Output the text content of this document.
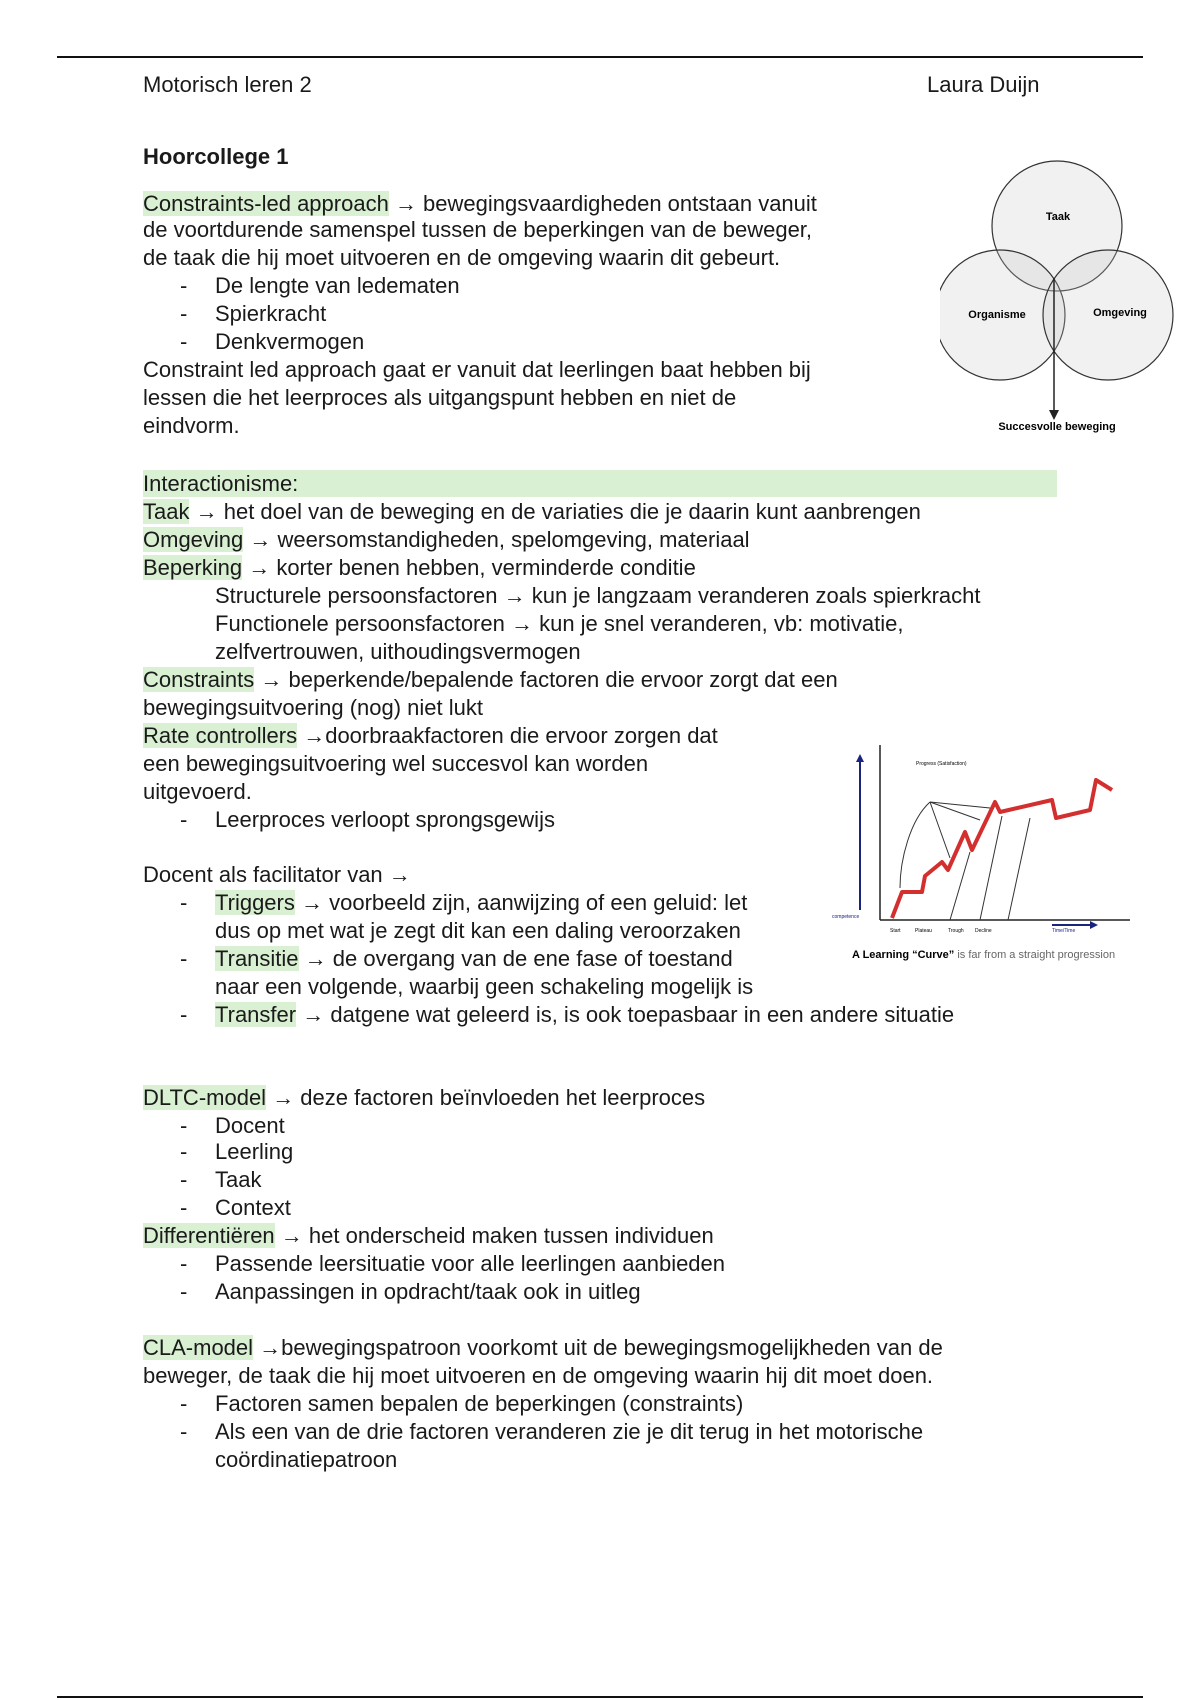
Motorisch leren 2	Laura Duijn
Hoorcollege 1
Constraints-led approach → bewegingsvaardigheden ontstaan vanuit
de voortdurende samenspel tussen de beperkingen van de beweger,
de taak die hij moet uitvoeren en de omgeving waarin dit gebeurt.
- De lengte van ledematen
- Spierkracht
- Denkvermogen
Constraint led approach gaat er vanuit dat leerlingen baat hebben bij
lessen die het leerproces als uitgangspunt hebben en niet de
eindvorm.
Taak
Organisme	Omgeving
Succesvolle beweging
Interactionisme:
Taak → het doel van de beweging en de variaties die je daarin kunt aanbrengen
Omgeving → weersomstandigheden, spelomgeving, materiaal
Beperking → korter benen hebben, verminderde conditie
Structurele persoonsfactoren → kun je langzaam veranderen zoals spierkracht
Functionele persoonsfactoren → kun je snel veranderen, vb: motivatie,
zelfvertrouwen, uithoudingsvermogen
Constraints → beperkende/bepalende factoren die ervoor zorgt dat een
bewegingsuitvoering (nog) niet lukt
Rate controllers →doorbraakfactoren die ervoor zorgen dat
een bewegingsuitvoering wel succesvol kan worden
uitgevoerd.
- Leerproces verloopt sprongsgewijs
competence
Progress (Satisfaction)
Start	Plateau	Trough Decline	Time/Time
A Learning “Curve” is far from a straight progression
Docent als facilitator van →
- Triggers → voorbeeld zijn, aanwijzing of een geluid: let
dus op met wat je zegt dit kan een daling veroorzaken
- Transitie → de overgang van de ene fase of toestand
naar een volgende, waarbij geen schakeling mogelijk is
- Transfer → datgene wat geleerd is, is ook toepasbaar in een andere situatie
DLTC-model → deze factoren beïnvloeden het leerproces
- Docent
- Leerling
- Taak
- Context
Differentiëren → het onderscheid maken tussen individuen
- Passende leersituatie voor alle leerlingen aanbieden
- Aanpassingen in opdracht/taak ook in uitleg
CLA-model →bewegingspatroon voorkomt uit de bewegingsmogelijkheden van de
beweger, de taak die hij moet uitvoeren en de omgeving waarin hij dit moet doen.
- Factoren samen bepalen de beperkingen (constraints)
- Als een van de drie factoren veranderen zie je dit terug in het motorische
coördinatiepatroon
